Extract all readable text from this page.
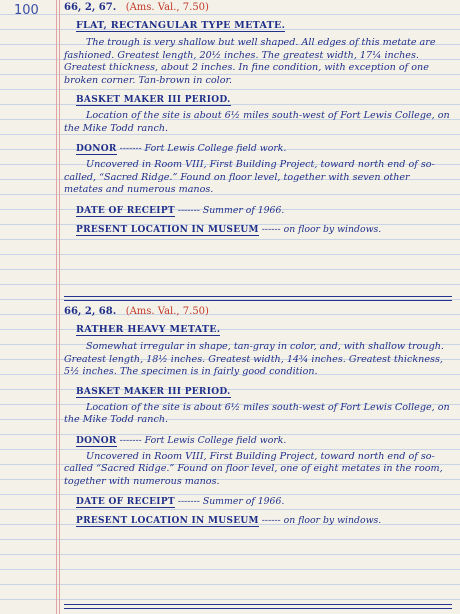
100	66, 2, 67. (Ams. Val., 7.50)
FLAT, RECTANGULAR TYPE METATE.

The trough is very shallow but well shaped. All edges of this metate are fashioned. Greatest length, 20½ inches. The greatest width, 17¼ inches. Greatest thickness, about 2 inches. In fine condition, with exception of one broken corner. Tan-brown in color.

BASKET MAKER III PERIOD.

Location of the site is about 6½ miles south-west of Fort Lewis College, on the Mike Todd ranch.

DONOR ------- Fort Lewis College field work.

Uncovered in Room VIII, First Building Project, toward north end of so-called, “Sacred Ridge.” Found on floor level, together with seven other metates and numerous manos.

DATE OF RECEIPT ------- Summer of 1966.
PRESENT LOCATION IN MUSEUM ------ on floor by windows.
66, 2, 68. (Ams. Val., 7.50)
RATHER HEAVY METATE.

Somewhat irregular in shape, tan-gray in color, and, with shallow trough. Greatest length, 18½ inches. Greatest width, 14¾ inches. Greatest thickness, 5½ inches. The specimen is in fairly good condition.

BASKET MAKER III PERIOD.

Location of the site is about 6½ miles south-west of Fort Lewis College, on the Mike Todd ranch.

DONOR ------- Fort Lewis College field work.

Uncovered in Room VIII, First Building Project, toward north end of so-called “Sacred Ridge.” Found on floor level, one of eight metates in the room, together with numerous manos.

DATE OF RECEIPT ------- Summer of 1966.
PRESENT LOCATION IN MUSEUM ------ on floor by windows.
